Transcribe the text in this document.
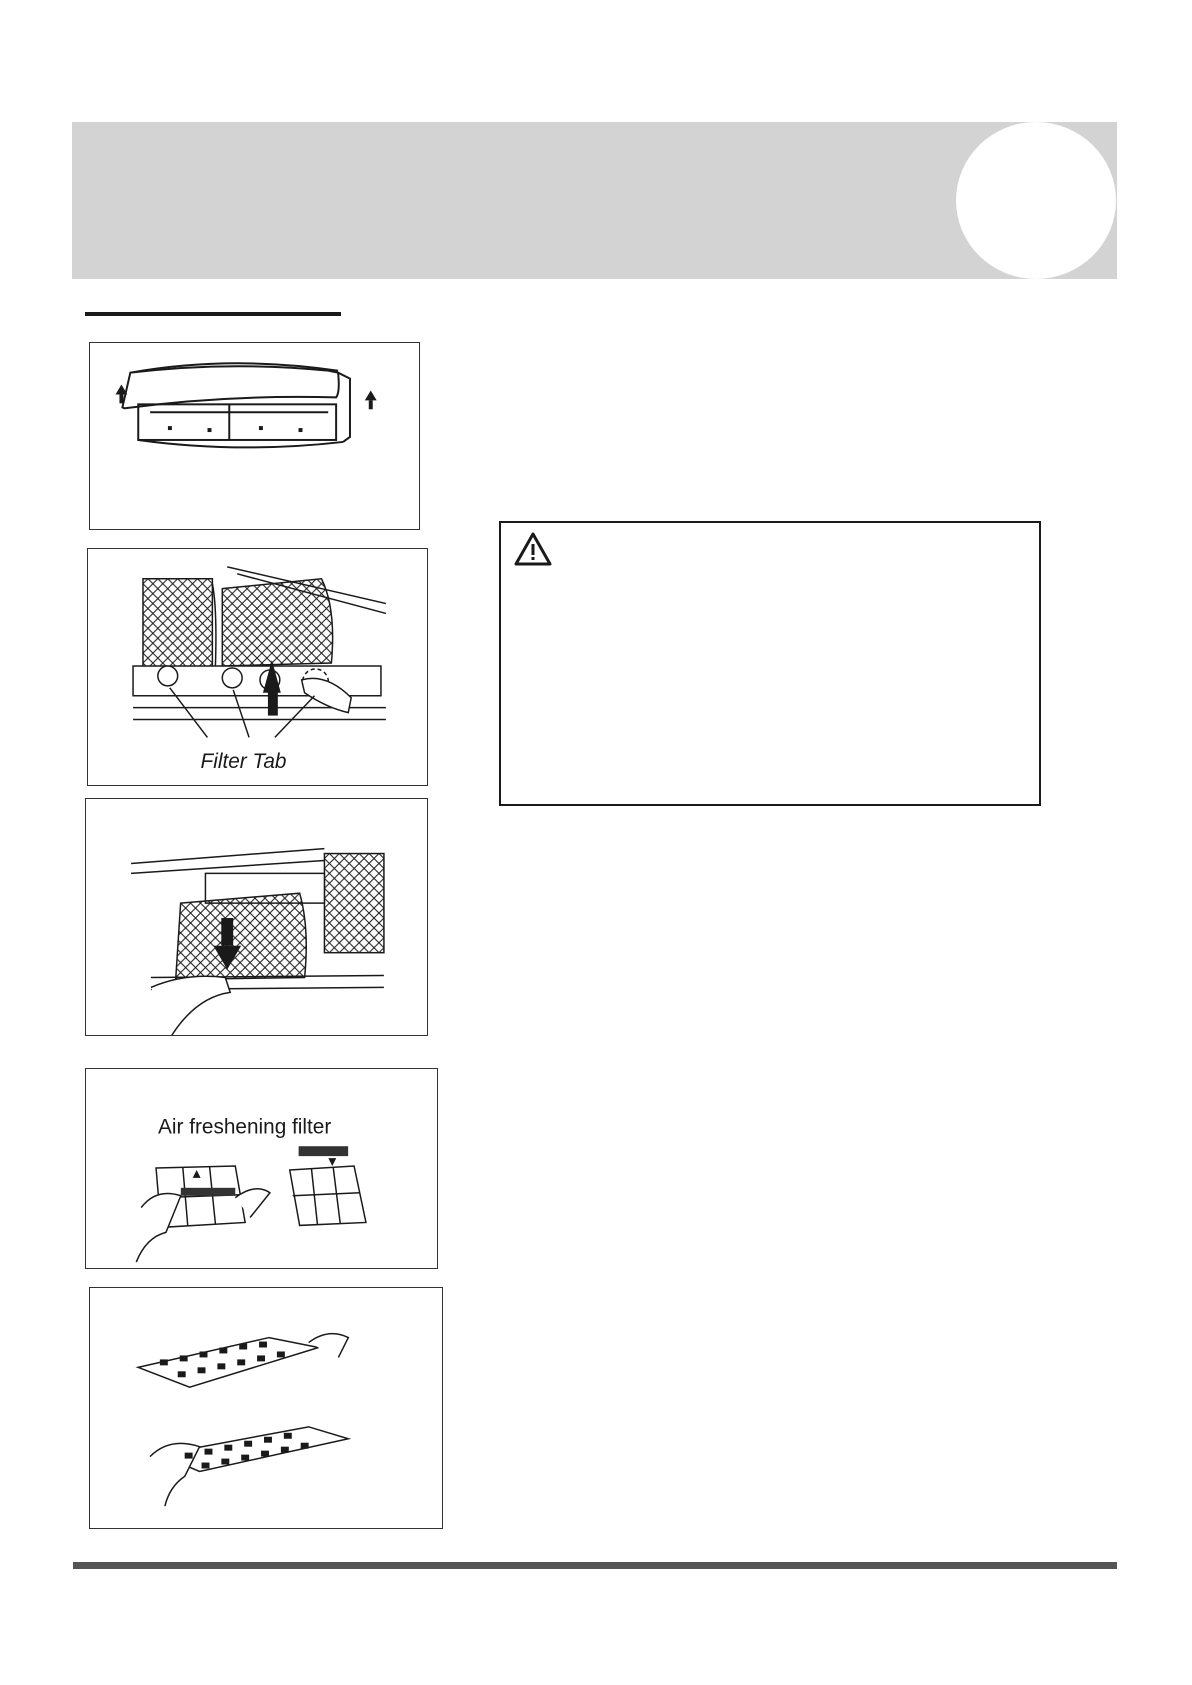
Filter Tab
Air freshening filter
